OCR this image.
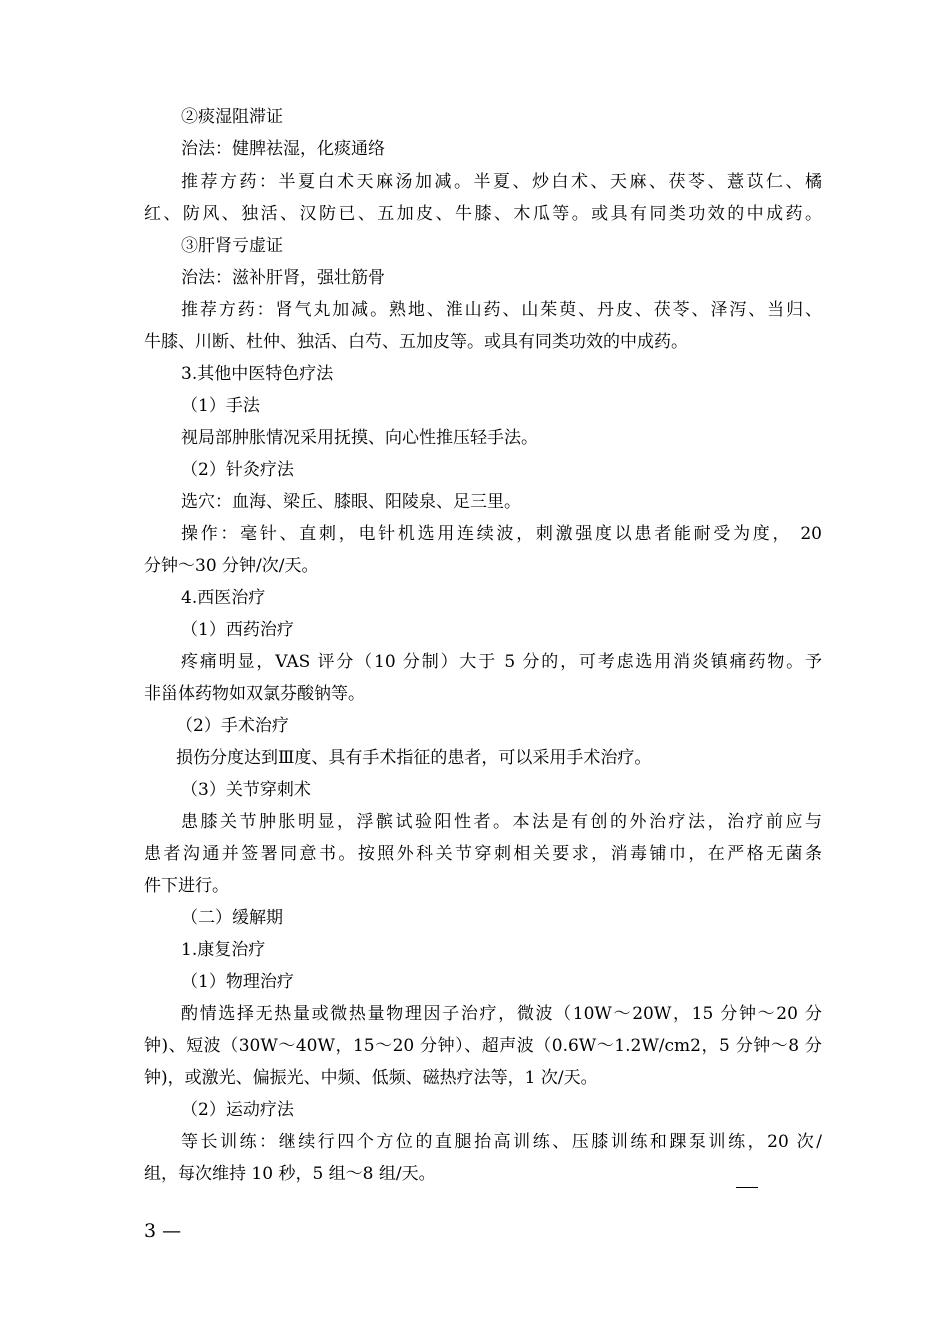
②痰湿阻滞证

治法：健脾祛湿，化痰通络

推荐方药：半夏白术天麻汤加减。半夏、炒白术、天麻、茯苓、薏苡仁、橘

红、防风、独活、汉防已、五加皮、牛膝、木瓜等。或具有同类功效的中成药。

③肝肾亏虚证

治法：滋补肝肾，强壮筋骨

推荐方药：肾气丸加减。熟地、淮山药、山茱萸、丹皮、茯苓、泽泻、当归、

牛膝、川断、杜仲、独活、白芍、五加皮等。或具有同类功效的中成药。

3.其他中医特色疗法

（1）手法

视局部肿胀情况采用抚摸、向心性推压轻手法。

（2）针灸疗法

选穴：血海、梁丘、膝眼、阳陵泉、足三里。

操作：毫针、直刺，电针机选用连续波，刺激强度以患者能耐受为度， 20

分钟～30 分钟/次/天。

4.西医治疗

（1）西药治疗

疼痛明显，VAS 评分（10 分制）大于 5 分的，可考虑选用消炎镇痛药物。予

非甾体药物如双氯芬酸钠等。

（2）手术治疗

损伤分度达到Ⅲ度、具有手术指征的患者，可以采用手术治疗。

（3）关节穿刺术

患膝关节肿胀明显，浮髌试验阳性者。本法是有创的外治疗法，治疗前应与

患者沟通并签署同意书。按照外科关节穿刺相关要求，消毒铺巾，在严格无菌条

件下进行。

（二）缓解期

1.康复治疗

（1）物理治疗

酌情选择无热量或微热量物理因子治疗，微波（10W～20W，15 分钟～20 分

钟)、短波（30W～40W，15～20 分钟）、超声波（0.6W～1.2W/cm2，5 分钟～8 分

钟)，或激光、偏振光、中频、低频、磁热疗法等，1 次/天。

（2）运动疗法

等长训练：继续行四个方位的直腿抬高训练、压膝训练和踝泵训练，20 次/

组，每次维持 10 秒，5 组～8 组/天。

3 —
